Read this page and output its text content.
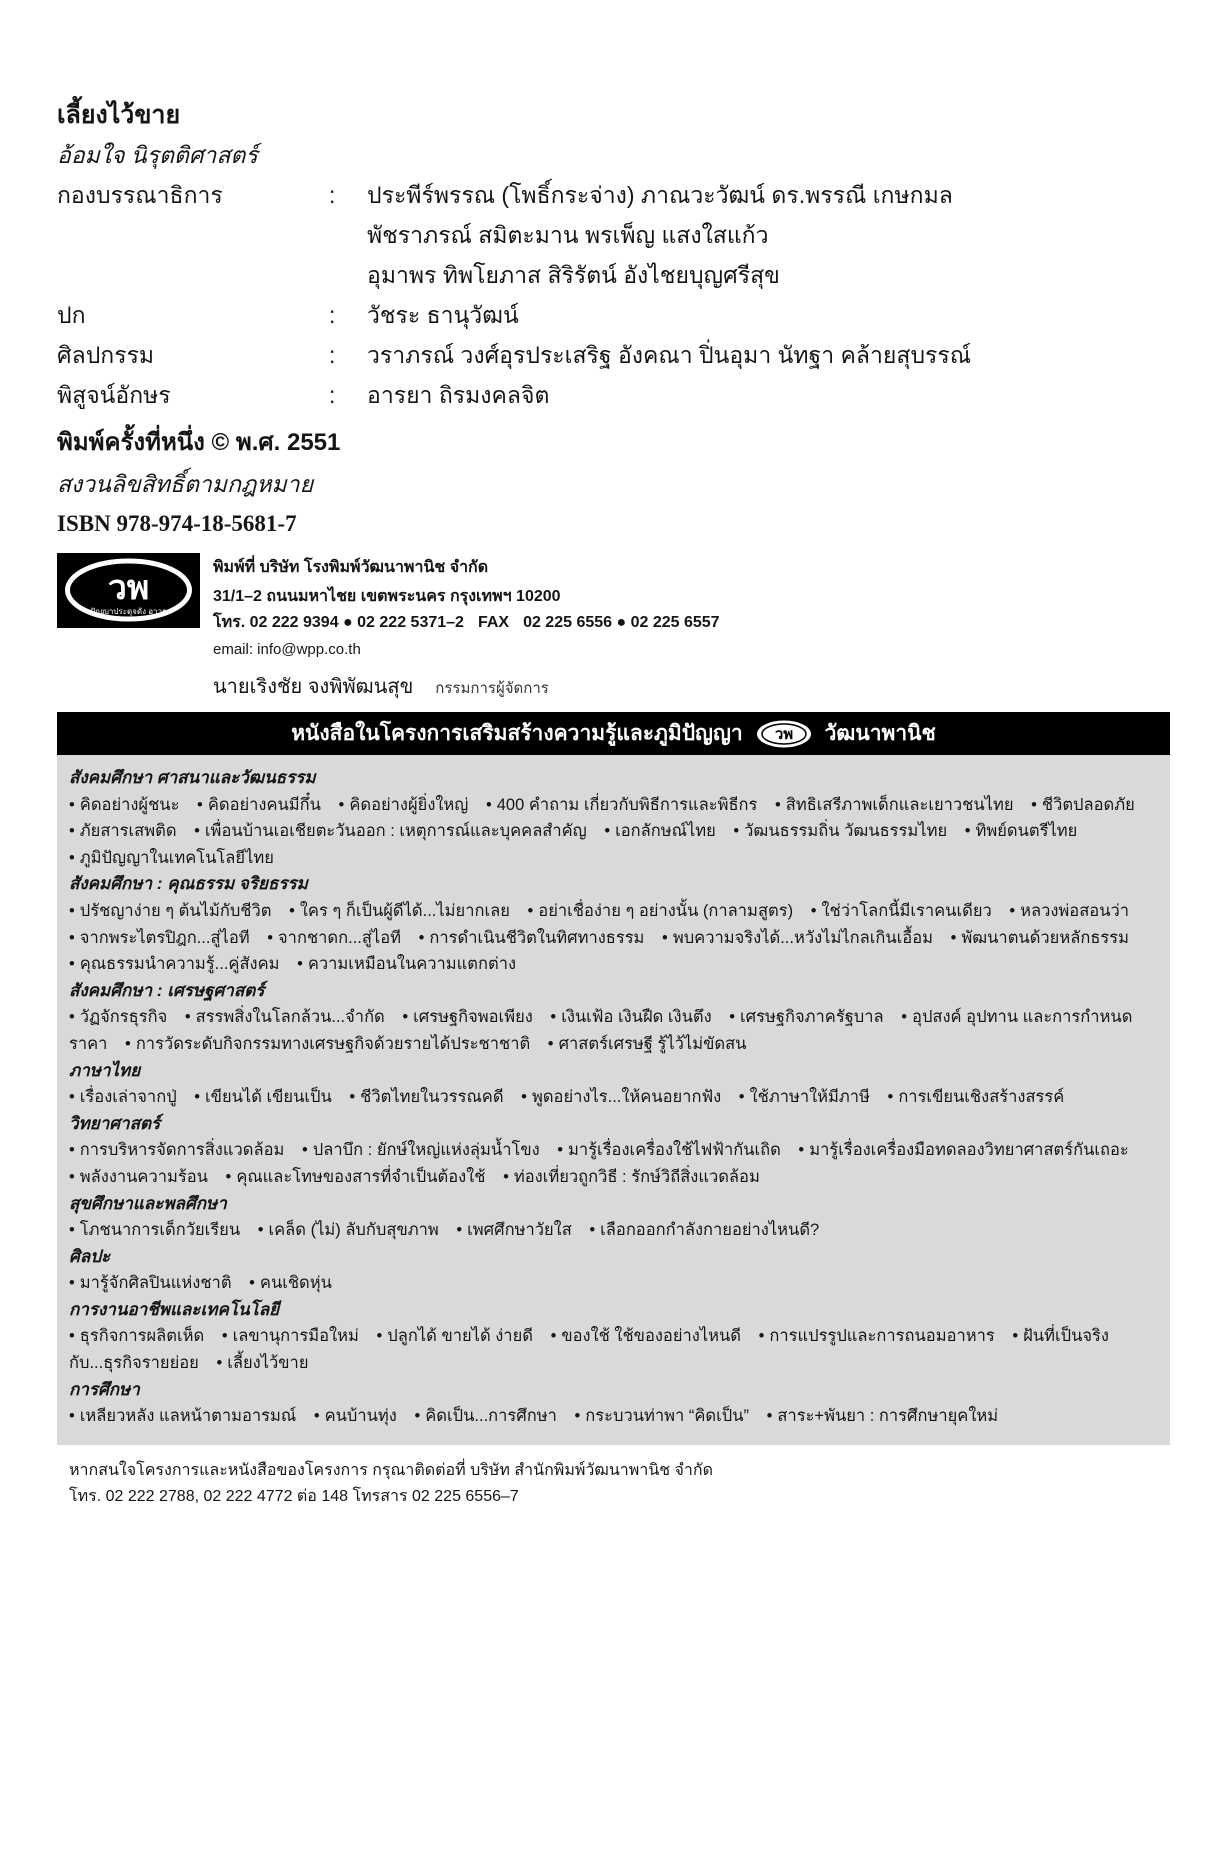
เลี้ยงไว้ขาย
อ้อมใจ นิรุตติศาสตร์
กองบรรณาธิการ	:	ประพีร์พรรณ (โพธิ์กระจ่าง) ภาณวะวัฒน์ ดร.พรรณี เกษกมล
พัชราภรณ์ สมิตะมาน พรเพ็ญ แสงใสแก้ว
อุมาพร ทิพโยภาส สิริรัตน์ อังไชยบุญศรีสุข
ปก	:	วัชระ ธานุวัฒน์
ศิลปกรรม	:	วราภรณ์ วงศ์อุรประเสริฐ อังคณา ปิ่นอุมา นัทฐา คล้ายสุบรรณ์
พิสูจน์อักษร	:	อารยา ถิรมงคลจิต
พิมพ์ครั้งที่หนึ่ง © พ.ศ. 2551
สงวนลิขสิทธิ์ตามกฎหมาย
ISBN 978-974-18-5681-7
วพ
ปัญญาประดุจดัง อาวุธ
พิมพ์ที่ บริษัท โรงพิมพ์วัฒนาพานิช จำกัด
31/1–2 ถนนมหาไชย เขตพระนคร กรุงเทพฯ 10200
โทร. 02 222 9394 ● 02 222 5371–2 FAX 02 225 6556 ● 02 225 6557
email: info@wpp.co.th
นายเริงชัย จงพิพัฒนสุข กรรมการผู้จัดการ
หนังสือในโครงการเสริมสร้างความรู้และภูมิปัญญา วพ วัฒนาพานิช
สังคมศึกษา ศาสนาและวัฒนธรรม
• คิดอย่างผู้ชนะ • คิดอย่างคนมีกึ๋น • คิดอย่างผู้ยิ่งใหญ่ • 400 คำถาม เกี่ยวกับพิธีการและพิธีกร • สิทธิเสรีภาพเด็กและเยาวชนไทย • ชีวิตปลอดภัย • ภัยสารเสพติด • เพื่อนบ้านเอเชียตะวันออก : เหตุการณ์และบุคคลสำคัญ • เอกลักษณ์ไทย • วัฒนธรรมถิ่น วัฒนธรรมไทย • ทิพย์ดนตรีไทย • ภูมิปัญญาในเทคโนโลยีไทย
สังคมศึกษา : คุณธรรม จริยธรรม
• ปรัชญาง่าย ๆ ต้นไม้กับชีวิต • ใคร ๆ ก็เป็นผู้ดีได้...ไม่ยากเลย • อย่าเชื่อง่าย ๆ อย่างนั้น (กาลามสูตร) • ใช่ว่าโลกนี้มีเราคนเดียว • หลวงพ่อสอนว่า • จากพระไตรปิฎก...สู่ไอที • จากชาดก...สู่ไอที • การดำเนินชีวิตในทิศทางธรรม • พบความจริงได้...หวังไม่ไกลเกินเอื้อม • พัฒนาตนด้วยหลักธรรม • คุณธรรมนำความรู้...คู่สังคม • ความเหมือนในความแตกต่าง
สังคมศึกษา : เศรษฐศาสตร์
• วัฏจักรธุรกิจ • สรรพสิ่งในโลกล้วน...จำกัด • เศรษฐกิจพอเพียง • เงินเฟ้อ เงินฝืด เงินตึง • เศรษฐกิจภาครัฐบาล • อุปสงค์ อุปทาน และการกำหนดราคา • การวัดระดับกิจกรรมทางเศรษฐกิจด้วยรายได้ประชาชาติ • ศาสตร์เศรษฐี รู้ไว้ไม่ขัดสน
ภาษาไทย
• เรื่องเล่าจากปู่ • เขียนได้ เขียนเป็น • ชีวิตไทยในวรรณคดี • พูดอย่างไร...ให้คนอยากฟัง • ใช้ภาษาให้มีภาษี • การเขียนเชิงสร้างสรรค์
วิทยาศาสตร์
• การบริหารจัดการสิ่งแวดล้อม • ปลาบึก : ยักษ์ใหญ่แห่งลุ่มน้ำโขง • มารู้เรื่องเครื่องใช้ไฟฟ้ากันเถิด • มารู้เรื่องเครื่องมือทดลองวิทยาศาสตร์กันเถอะ • พลังงานความร้อน • คุณและโทษของสารที่จำเป็นต้องใช้ • ท่องเที่ยวถูกวิธี : รักษ์วิถีสิ่งแวดล้อม
สุขศึกษาและพลศึกษา
• โภชนาการเด็กวัยเรียน • เคล็ด (ไม่) ลับกับสุขภาพ • เพศศึกษาวัยใส • เลือกออกกำลังกายอย่างไหนดี?
ศิลปะ
• มารู้จักศิลปินแห่งชาติ • คนเชิดหุ่น
การงานอาชีพและเทคโนโลยี
• ธุรกิจการผลิตเห็ด • เลขานุการมือใหม่ • ปลูกได้ ขายได้ ง่ายดี • ของใช้ ใช้ของอย่างไหนดี • การแปรรูปและการถนอมอาหาร • ฝันที่เป็นจริงกับ...ธุรกิจรายย่อย • เลี้ยงไว้ขาย
การศึกษา
• เหลียวหลัง แลหน้าตามอารมณ์ • คนบ้านทุ่ง • คิดเป็น...การศึกษา • กระบวนท่าพา “คิดเป็น” • สาระ+พันยา : การศึกษายุคใหม่
หากสนใจโครงการและหนังสือของโครงการ กรุณาติดต่อที่ บริษัท สำนักพิมพ์วัฒนาพานิช จำกัด
โทร. 02 222 2788, 02 222 4772 ต่อ 148 โทรสาร 02 225 6556–7
